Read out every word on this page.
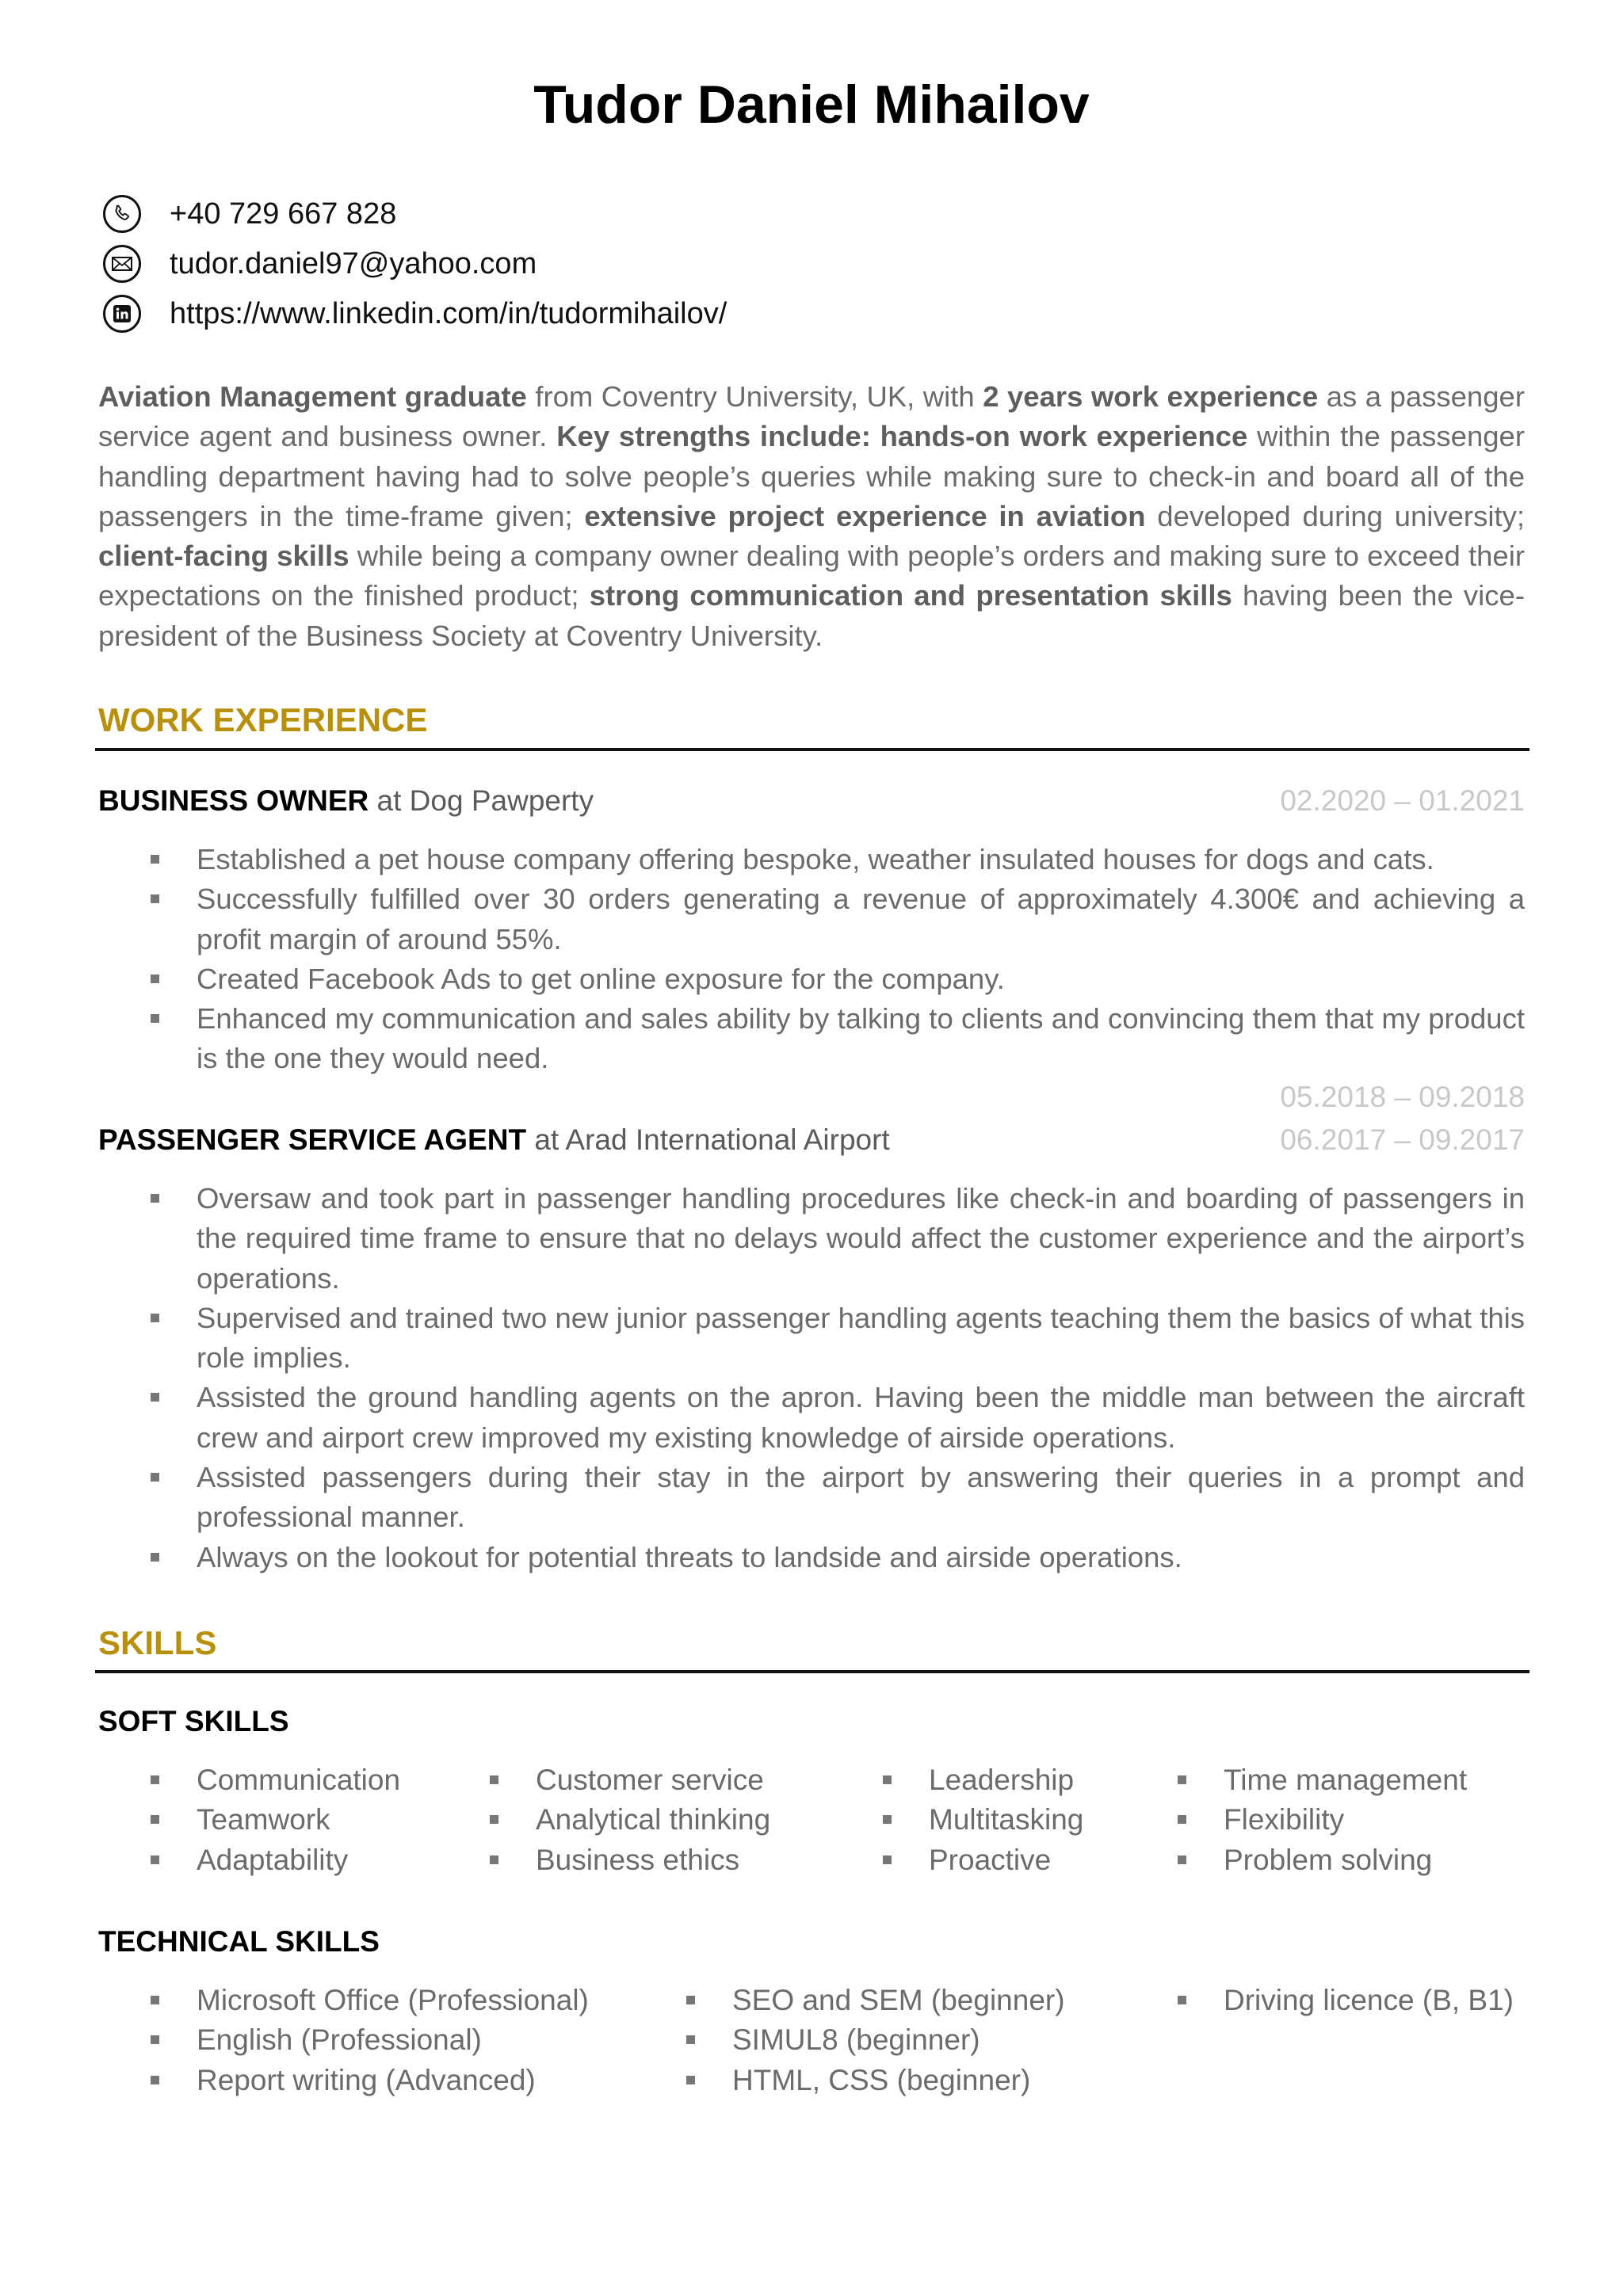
Tudor Daniel Mihailov
+40 729 667 828
tudor.daniel97@yahoo.com
https://www.linkedin.com/in/tudormihailov/
Aviation Management graduate from Coventry University, UK, with 2 years work experience as a passenger service agent and business owner. Key strengths include: hands-on work experience within the passenger handling department having had to solve people’s queries while making sure to check-in and board all of the passengers in the time-frame given; extensive project experience in aviation developed during university; client-facing skills while being a company owner dealing with people’s orders and making sure to exceed their expectations on the finished product; strong communication and presentation skills having been the vice-president of the Business Society at Coventry University.
WORK EXPERIENCE
BUSINESS OWNER at Dog Pawperty	02.2020 – 01.2021
Established a pet house company offering bespoke, weather insulated houses for dogs and cats.
Successfully fulfilled over 30 orders generating a revenue of approximately 4.300€ and achieving a profit margin of around 55%.
Created Facebook Ads to get online exposure for the company.
Enhanced my communication and sales ability by talking to clients and convincing them that my product is the one they would need.
05.2018 – 09.2018
PASSENGER SERVICE AGENT at Arad International Airport	06.2017 – 09.2017
Oversaw and took part in passenger handling procedures like check-in and boarding of passengers in the required time frame to ensure that no delays would affect the customer experience and the airport’s operations.
Supervised and trained two new junior passenger handling agents teaching them the basics of what this role implies.
Assisted the ground handling agents on the apron. Having been the middle man between the aircraft crew and airport crew improved my existing knowledge of airside operations.
Assisted passengers during their stay in the airport by answering their queries in a prompt and professional manner.
Always on the lookout for potential threats to landside and airside operations.
SKILLS
SOFT SKILLS
Communication
Teamwork
Adaptability
Customer service
Analytical thinking
Business ethics
Leadership
Multitasking
Proactive
Time management
Flexibility
Problem solving
TECHNICAL SKILLS
Microsoft Office (Professional)
English (Professional)
Report writing (Advanced)
SEO and SEM (beginner)
SIMUL8 (beginner)
HTML, CSS (beginner)
Driving licence (B, B1)
